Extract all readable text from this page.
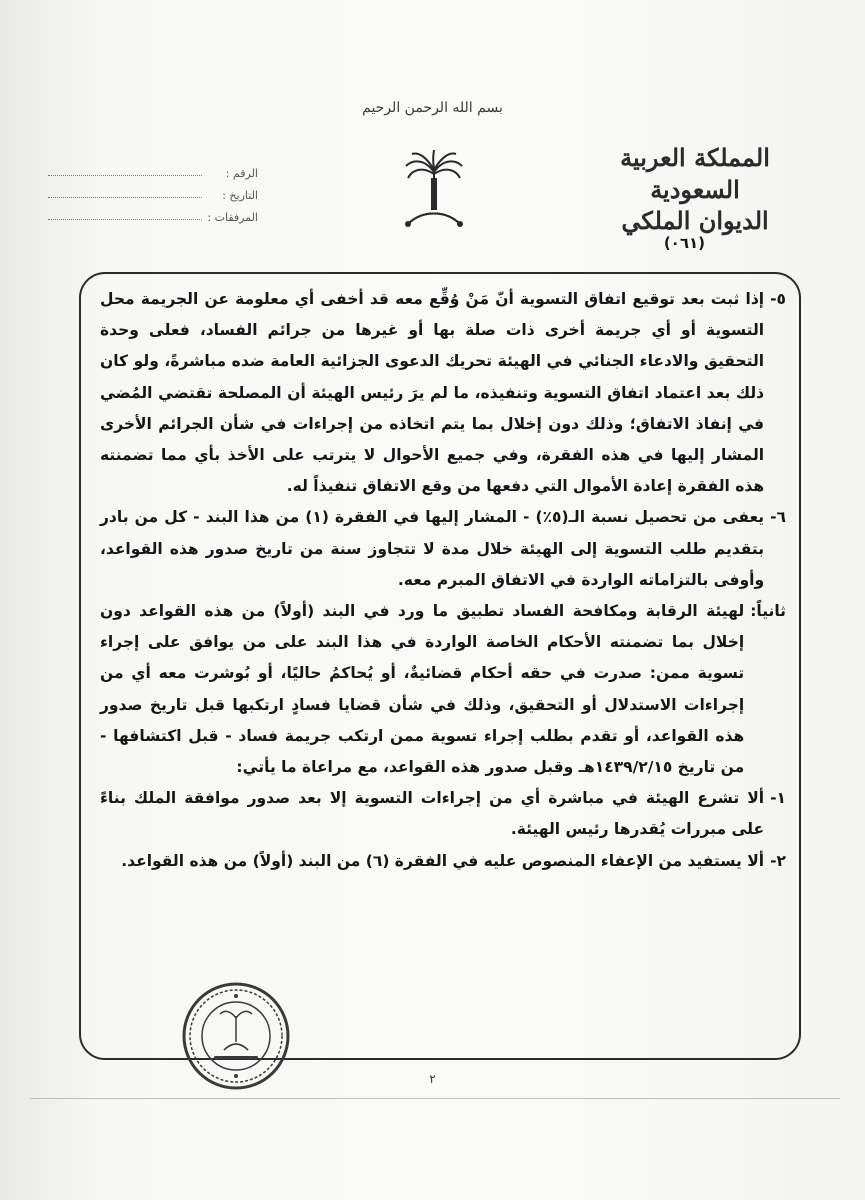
بسم الله الرحمن الرحيم
المملكة العربية السعودية
الديوان الملكي
(٠٦١)
الرقم :
التاريخ :
المرفقات :
٥-

إذا ثبت بعد توقيع اتفاق التسوية أنّ مَنْ وُقِّع معه قد أخفى أي معلومة عن الجريمة محل التسوية أو أي جريمة أخرى ذات صلة بها أو غيرها من جرائم الفساد، فعلى وحدة التحقيق والادعاء الجنائي في الهيئة تحريك الدعوى الجزائية العامة ضده مباشرةً، ولو كان ذلك بعد اعتماد اتفاق التسوية وتنفيذه، ما لم يرَ رئيس الهيئة أن المصلحة تقتضي المُضي في إنفاذ الاتفاق؛ وذلك دون إخلال بما يتم اتخاذه من إجراءات في شأن الجرائم الأخرى المشار إليها في هذه الفقرة، وفي جميع الأحوال لا يترتب على الأخذ بأي مما تضمنته هذه الفقرة إعادة الأموال التي دفعها من وقع الاتفاق تنفيذاً له.

٦-

يعفى من تحصيل نسبة الـ(٥٪) - المشار إليها في الفقرة (١) من هذا البند - كل من بادر بتقديم طلب التسوية إلى الهيئة خلال مدة لا تتجاوز سنة من تاريخ صدور هذه القواعد، وأوفى بالتزاماته الواردة في الاتفاق المبرم معه.

ثانياً:

لهيئة الرقابة ومكافحة الفساد تطبيق ما ورد في البند (أولاً) من هذه القواعد دون إخلال بما تضمنته الأحكام الخاصة الواردة في هذا البند على من يوافق على إجراء تسوية ممن: صدرت في حقه أحكام قضائيةٌ، أو يُحاكمُ حاليًا، أو بُوشرت معه أي من إجراءات الاستدلال أو التحقيق، وذلك في شأن قضايا فسادٍ ارتكبها قبل تاريخ صدور هذه القواعد، أو تقدم بطلب إجراء تسوية ممن ارتكب جريمة فساد - قبل اكتشافها - من تاريخ ١٤٣٩/٢/١٥هـ وقبل صدور هذه القواعد، مع مراعاة ما يأتي:

١-

ألا تشرع الهيئة في مباشرة أي من إجراءات التسوية إلا بعد صدور موافقة الملك بناءً على مبررات يُقدرها رئيس الهيئة.

٢-

ألا يستفيد من الإعفاء المنصوص عليه في الفقرة (٦) من البند (أولاً) من هذه القواعد.

٢
